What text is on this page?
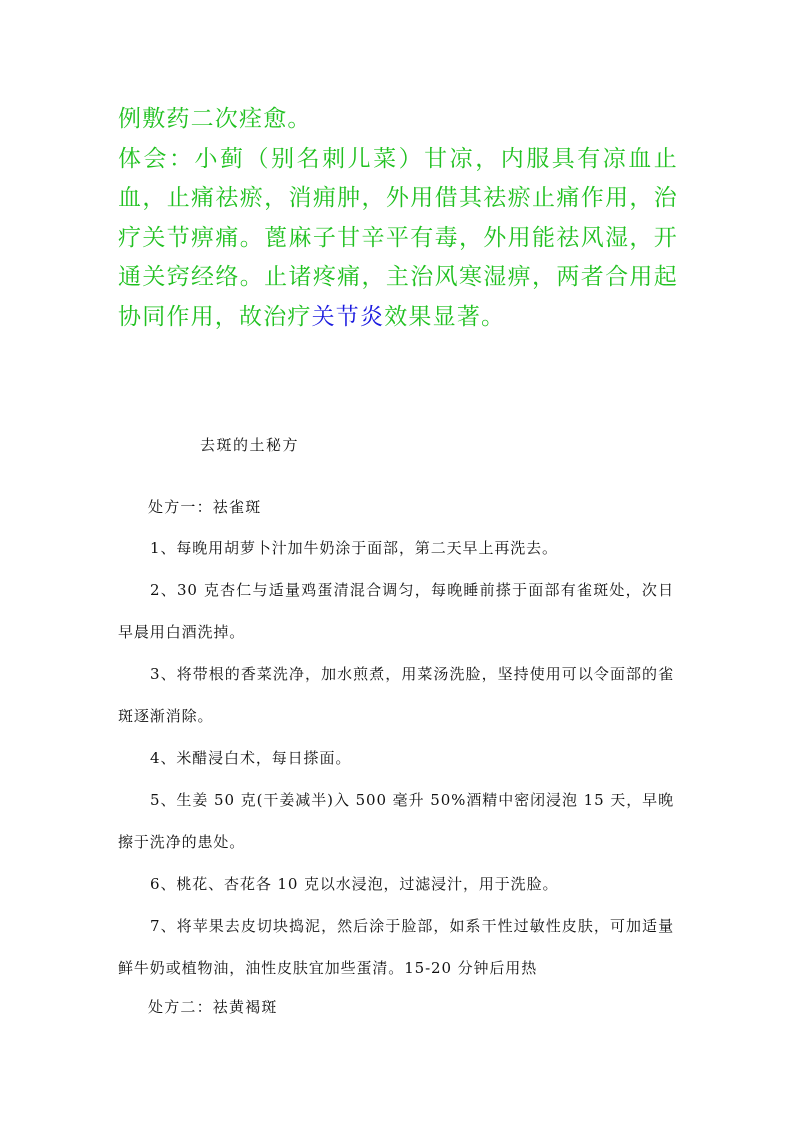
例敷药二次痊愈。

体会：小蓟（别名刺儿菜）甘凉，内服具有凉血止血，止痛祛瘀，消痈肿，外用借其祛瘀止痛作用，治疗关节痹痛。蓖麻子甘辛平有毒，外用能祛风湿，开通关窍经络。止诸疼痛，主治风寒湿痹，两者合用起协同作用，故治疗关节炎效果显著。

去斑的土秘方
处方一：祛雀斑

1、每晚用胡萝卜汁加牛奶涂于面部，第二天早上再洗去。

2、30 克杏仁与适量鸡蛋清混合调匀，每晚睡前搽于面部有雀斑处，次日早晨用白酒洗掉。

3、将带根的香菜洗净，加水煎煮，用菜汤洗脸，坚持使用可以令面部的雀斑逐渐消除。

4、米醋浸白术，每日搽面。

5、生姜 50 克(干姜减半)入 500 毫升 50%酒精中密闭浸泡 15 天，早晚擦于洗净的患处。

6、桃花、杏花各 10 克以水浸泡，过滤浸汁，用于洗脸。

7、将苹果去皮切块捣泥，然后涂于脸部，如系干性过敏性皮肤，可加适量鲜牛奶或植物油，油性皮肤宜加些蛋清。15-20 分钟后用热

处方二：祛黄褐斑
